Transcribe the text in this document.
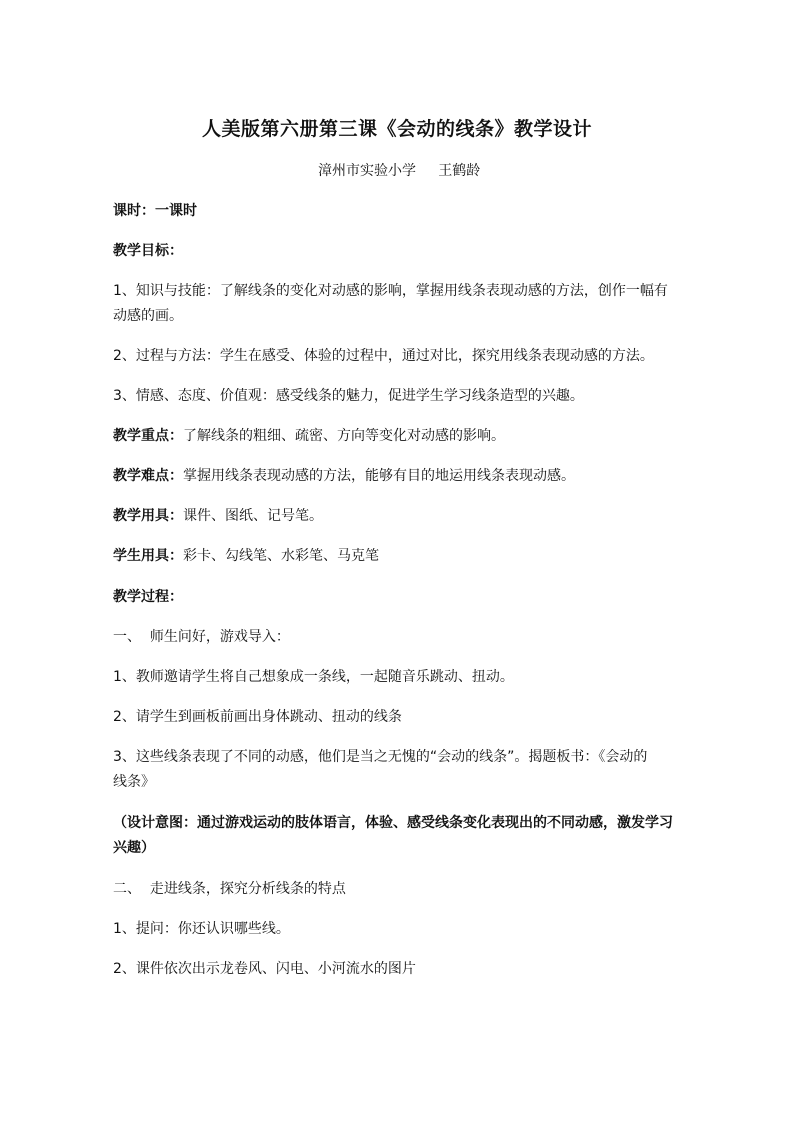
人美版第六册第三课《会动的线条》教学设计
漳州市实验小学     王鹤龄
课时：一课时
教学目标：
1、知识与技能：了解线条的变化对动感的影响，掌握用线条表现动感的方法，创作一幅有
动感的画。
2、过程与方法：学生在感受、体验的过程中，通过对比，探究用线条表现动感的方法。
3、情感、态度、价值观：感受线条的魅力，促进学生学习线条造型的兴趣。
教学重点：了解线条的粗细、疏密、方向等变化对动感的影响。
教学难点：掌握用线条表现动感的方法，能够有目的地运用线条表现动感。
教学用具：课件、图纸、记号笔。
学生用具：彩卡、勾线笔、水彩笔、马克笔
教学过程：
一、  师生问好，游戏导入：
1、教师邀请学生将自己想象成一条线，一起随音乐跳动、扭动。
2、请学生到画板前画出身体跳动、扭动的线条
3、这些线条表现了不同的动感，他们是当之无愧的“会动的线条”。揭题板书：《会动的
线条》
（设计意图：通过游戏运动的肢体语言，体验、感受线条变化表现出的不同动感，激发学习
兴趣）
二、  走进线条，探究分析线条的特点
1、提问：你还认识哪些线。
2、课件依次出示龙卷风、闪电、小河流水的图片
